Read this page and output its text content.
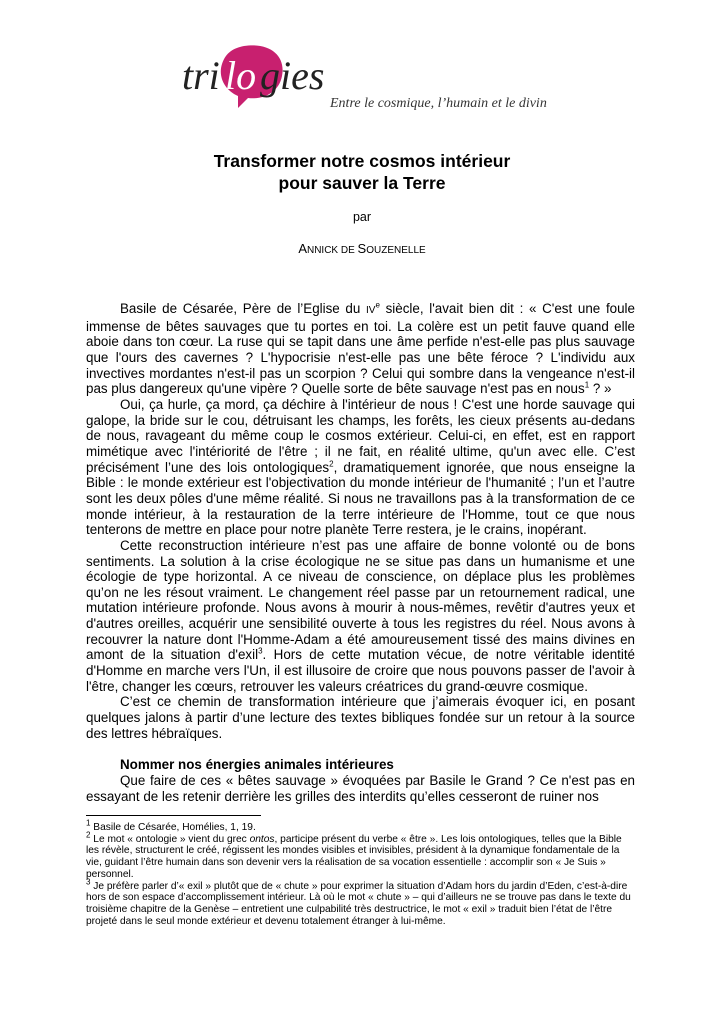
tri lo gies
Entre le cosmique, l’humain et le divin
Transformer notre cosmos intérieur
pour sauver la Terre
par
ANNICK DE SOUZENELLE

Basile de Césarée, Père de l’Eglise du IVe siècle, l'avait bien dit : « C'est une foule immense de bêtes sauvages que tu portes en toi. La colère est un petit fauve quand elle aboie dans ton cœur. La ruse qui se tapit dans une âme perfide n'est-elle pas plus sauvage que l'ours des cavernes ? L'hypocrisie n'est-elle pas une bête féroce ? L'individu aux invectives mordantes n'est-il pas un scorpion ? Celui qui sombre dans la vengeance n'est-il pas plus dangereux qu'une vipère ? Quelle sorte de bête sauvage n'est pas en nous$^1$ ? »

Oui, ça hurle, ça mord, ça déchire à l'intérieur de nous ! C'est une horde sauvage qui galope, la bride sur le cou, détruisant les champs, les forêts, les cieux présents au-dedans de nous, ravageant du même coup le cosmos extérieur. Celui-ci, en effet, est en rapport mimétique avec l'intériorité de l'être ; il ne fait, en réalité ultime, qu'un avec elle. C’est précisément l’une des lois ontologiques$^2$, dramatiquement ignorée, que nous enseigne la Bible : le monde extérieur est l'objectivation du monde intérieur de l'humanité ; l’un et l’autre sont les deux pôles d'une même réalité. Si nous ne travaillons pas à la transformation de ce monde intérieur, à la restauration de la terre intérieure de l'Homme, tout ce que nous tenterons de mettre en place pour notre planète Terre restera, je le crains, inopérant.

Cette reconstruction intérieure n’est pas une affaire de bonne volonté ou de bons sentiments. La solution à la crise écologique ne se situe pas dans un humanisme et une écologie de type horizontal. A ce niveau de conscience, on déplace plus les problèmes qu’on ne les résout vraiment. Le changement réel passe par un retournement radical, une mutation intérieure profonde. Nous avons à mourir à nous-mêmes, revêtir d'autres yeux et d'autres oreilles, acquérir une sensibilité ouverte à tous les registres du réel. Nous avons à recouvrer la nature dont l'Homme-Adam a été amoureusement tissé des mains divines en amont de la situation d'exil$^3$. Hors de cette mutation vécue, de notre véritable identité d'Homme en marche vers l'Un, il est illusoire de croire que nous pouvons passer de l'avoir à l'être, changer les cœurs, retrouver les valeurs créatrices du grand-œuvre cosmique.

C’est ce chemin de transformation intérieure que j’aimerais évoquer ici, en posant quelques jalons à partir d’une lecture des textes bibliques fondée sur un retour à la source des lettres hébraïques.

Nommer nos énergies animales intérieures

Que faire de ces « bêtes sauvage » évoquées par Basile le Grand ? Ce n'est pas en essayant de les retenir derrière les grilles des interdits qu’elles cesseront de ruiner nos

$^1$ Basile de Césarée, Homélies, 1, 19.

$^2$ Le mot « ontologie » vient du grec ontos, participe présent du verbe « être ». Les lois ontologiques, telles que la Bible les révèle, structurent le créé, régissent les mondes visibles et invisibles, président à la dynamique fondamentale de la vie, guidant l’être humain dans son devenir vers la réalisation de sa vocation essentielle : accomplir son « Je Suis » personnel.

$^3$ Je préfère parler d’« exil » plutôt que de « chute » pour exprimer la situation d’Adam hors du jardin d’Eden, c’est-à-dire hors de son espace d’accomplissement intérieur. Là où le mot « chute » – qui d’ailleurs ne se trouve pas dans le texte du troisième chapitre de la Genèse – entretient une culpabilité très destructrice, le mot « exil » traduit bien l’état de l’être projeté dans le seul monde extérieur et devenu totalement étranger à lui-même.
